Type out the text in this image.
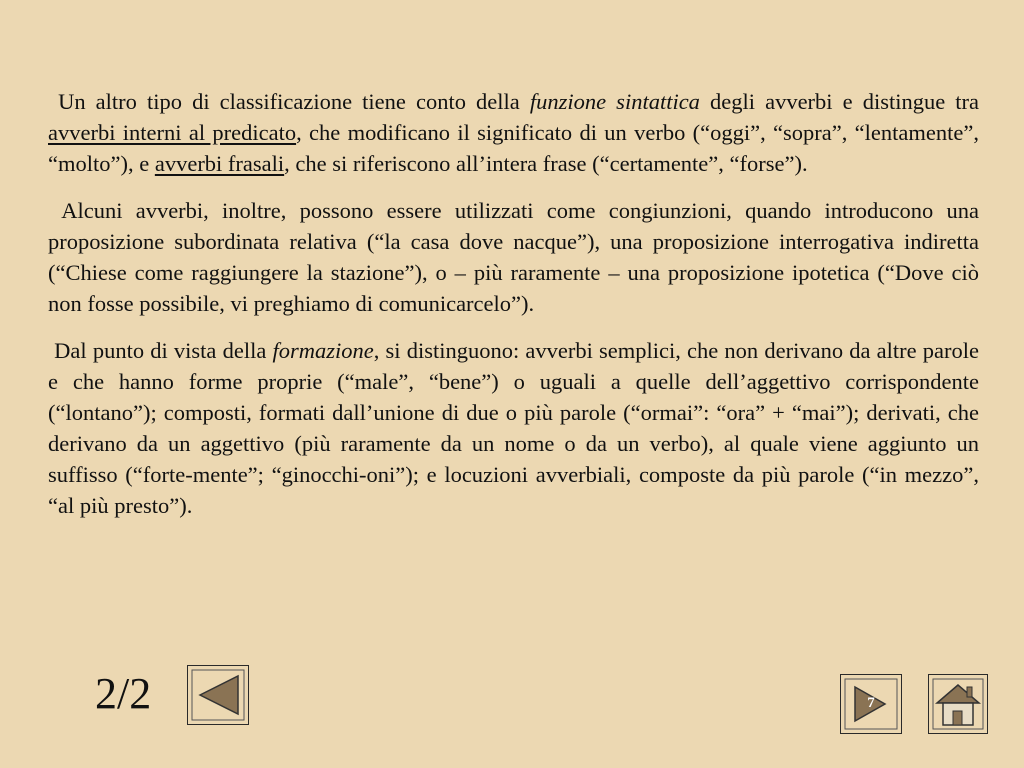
Un altro tipo di classificazione tiene conto della funzione sintattica degli avverbi e distingue tra avverbi interni al predicato, che modificano il significato di un verbo (“oggi”, “sopra”, “lentamente”, “molto”), e avverbi frasali, che si riferiscono all’intera frase (“certamente”, “forse”).

Alcuni avverbi, inoltre, possono essere utilizzati come congiunzioni, quando introducono una proposizione subordinata relativa (“la casa dove nacque”), una proposizione interrogativa indiretta (“Chiese come raggiungere la stazione”), o – più raramente – una proposizione ipotetica (“Dove ciò non fosse possibile, vi preghiamo di comunicarcelo”).

Dal punto di vista della formazione, si distinguono: avverbi semplici, che non derivano da altre parole e che hanno forme proprie (“male”, “bene”) o uguali a quelle dell’aggettivo corrispondente (“lontano”); composti, formati dall’unione di due o più parole (“ormai”: “ora” + “mai”); derivati, che derivano da un aggettivo (più raramente da un nome o da un verbo), al quale viene aggiunto un suffisso (“forte-mente”; “ginocchi-oni”); e locuzioni avverbiali, composte da più parole (“in mezzo”, “al più presto”).

2/2	7
